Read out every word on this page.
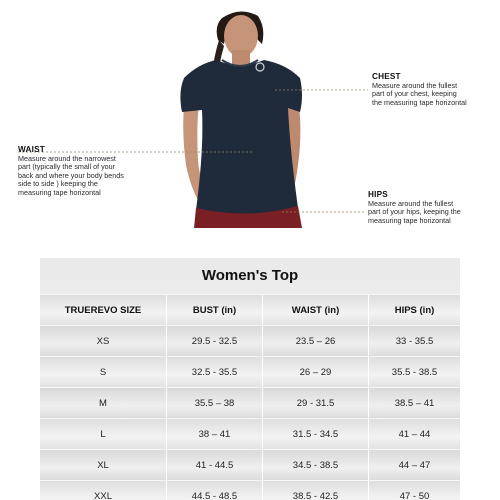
CHEST
Measure around the fullest
part of your chest, keeping
the measuring tape horizontal
WAIST
Measure around the narrowest
part (typically the small of your
back and where your body bends
side to side ) keeping the
measuring tape horizontal	HIPS
Measure around the fullest
part of your hips, keeping the
measuring tape horizontal
Women's Top
TRUEREVO SIZE	BUST (in)	WAIST (in)	HIPS (in)
XS	29.5 - 32.5	23.5 – 26	33 - 35.5
S	32.5 - 35.5	26 – 29	35.5 - 38.5
M	35.5 – 38	29 - 31.5	38.5 – 41
L	38 – 41	31.5 - 34.5	41 – 44
XL	41 - 44.5	34.5 - 38.5	44 – 47
XXL	44.5 - 48.5	38.5 - 42.5	47 - 50
